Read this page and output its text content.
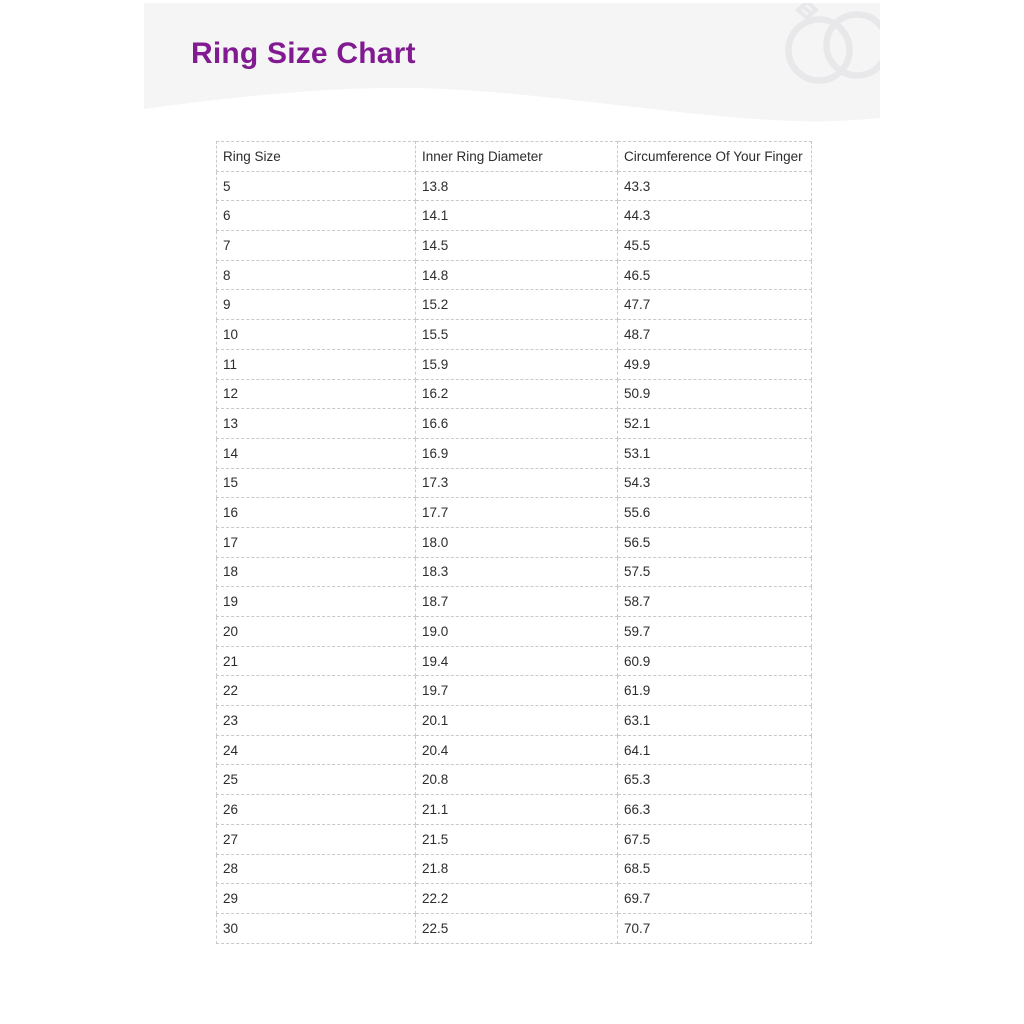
Ring Size Chart
Ring Size	Inner Ring Diameter	Circumference Of Your Finger
5	13.8	43.3
6	14.1	44.3
7	14.5	45.5
8	14.8	46.5
9	15.2	47.7
10	15.5	48.7
11	15.9	49.9
12	16.2	50.9
13	16.6	52.1
14	16.9	53.1
15	17.3	54.3
16	17.7	55.6
17	18.0	56.5
18	18.3	57.5
19	18.7	58.7
20	19.0	59.7
21	19.4	60.9
22	19.7	61.9
23	20.1	63.1
24	20.4	64.1
25	20.8	65.3
26	21.1	66.3
27	21.5	67.5
28	21.8	68.5
29	22.2	69.7
30	22.5	70.7
